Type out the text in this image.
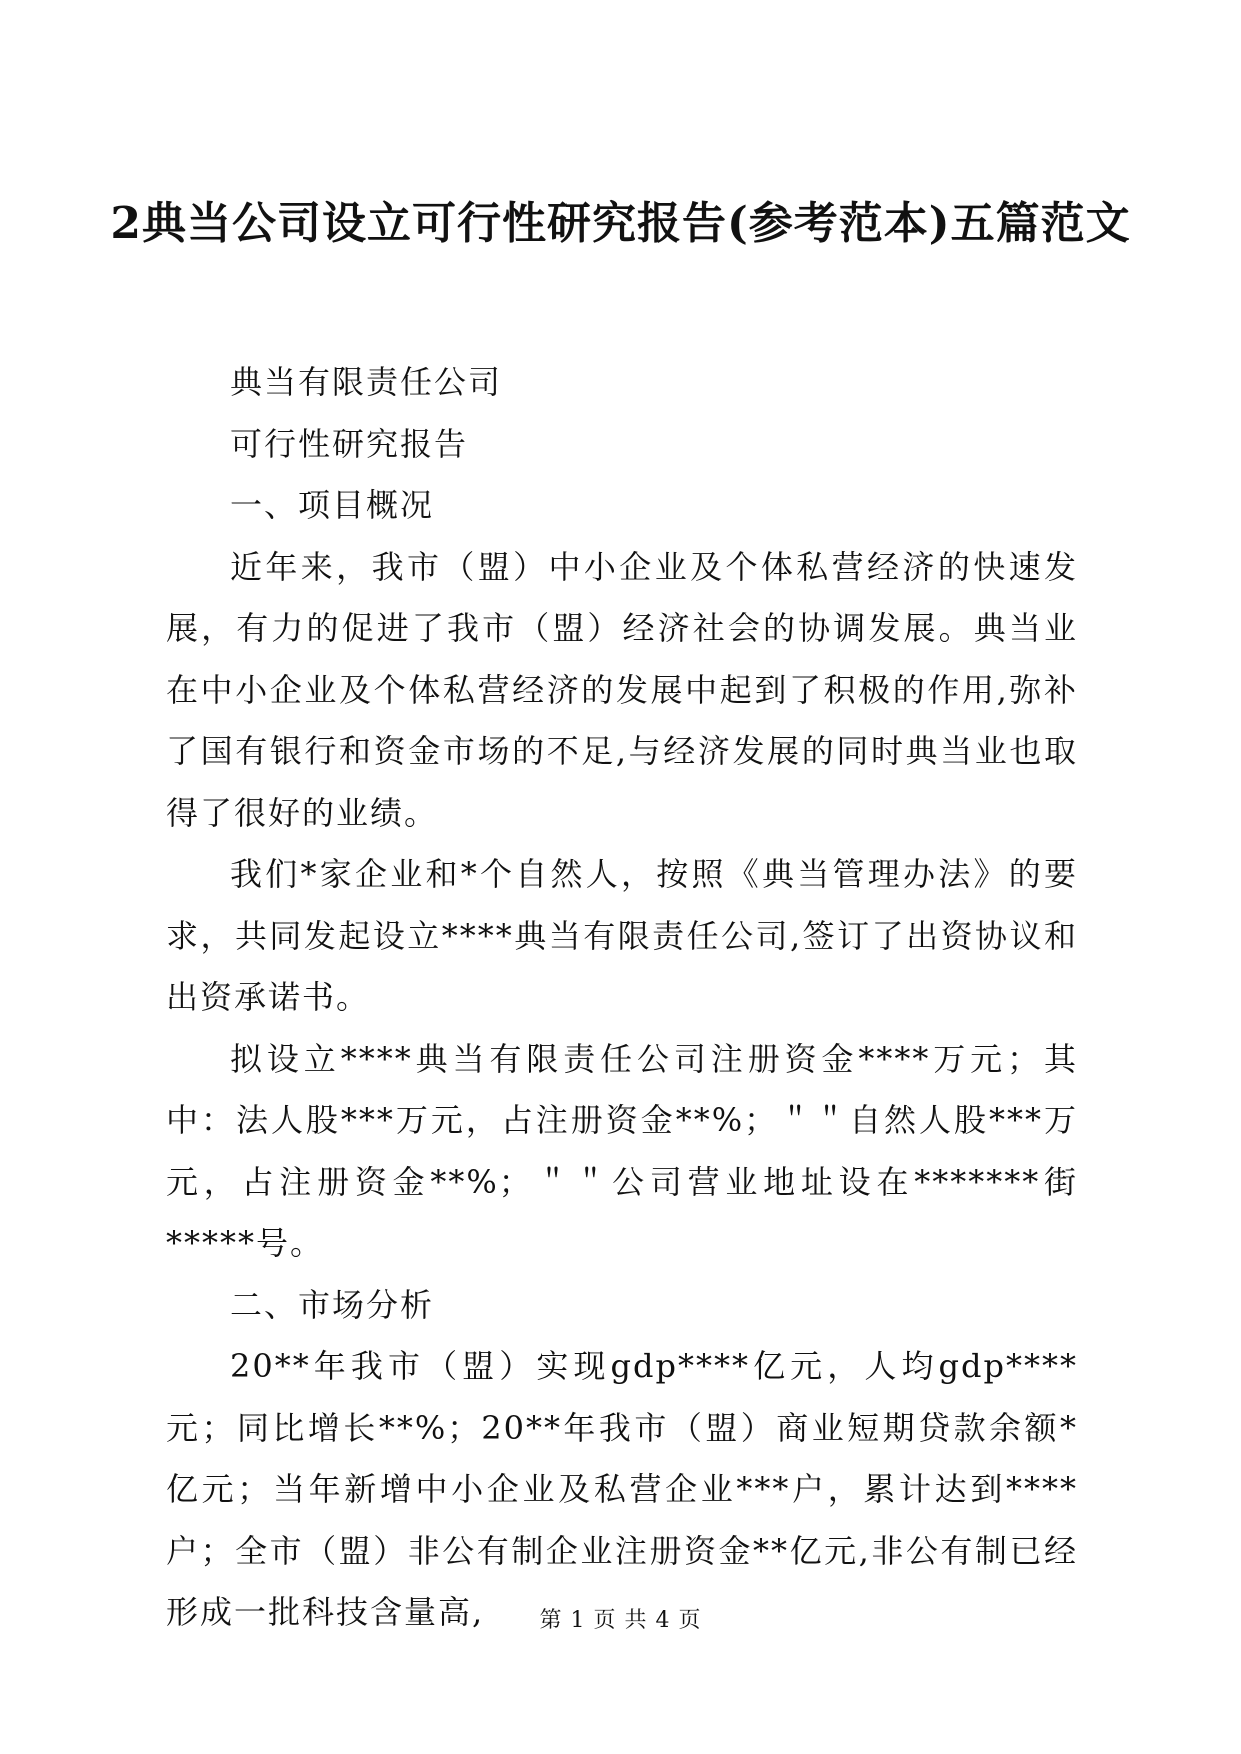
2典当公司设立可行性研究报告(参考范本)五篇范文

典当有限责任公司

可行性研究报告

一、项目概况

近年来，我市（盟）中小企业及个体私营经济的快速发展，有力的促进了我市（盟）经济社会的协调发展。典当业在中小企业及个体私营经济的发展中起到了积极的作用,弥补了国有银行和资金市场的不足,与经济发展的同时典当业也取得了很好的业绩。

我们*家企业和*个自然人，按照《典当管理办法》的要求，共同发起设立****典当有限责任公司,签订了出资协议和出资承诺书。

拟设立****典当有限责任公司注册资金****万元；其中：法人股***万元，占注册资金**%；＂＂自然人股***万元，占注册资金**%；＂＂公司营业地址设在*******街*****号。

二、市场分析

20**年我市（盟）实现gdp****亿元，人均gdp****元；同比增长**%；20**年我市（盟）商业短期贷款余额*亿元；当年新增中小企业及私营企业***户，累计达到****户；全市（盟）非公有制企业注册资金**亿元,非公有制已经形成一批科技含量高,	第 1 页 共 4 页
